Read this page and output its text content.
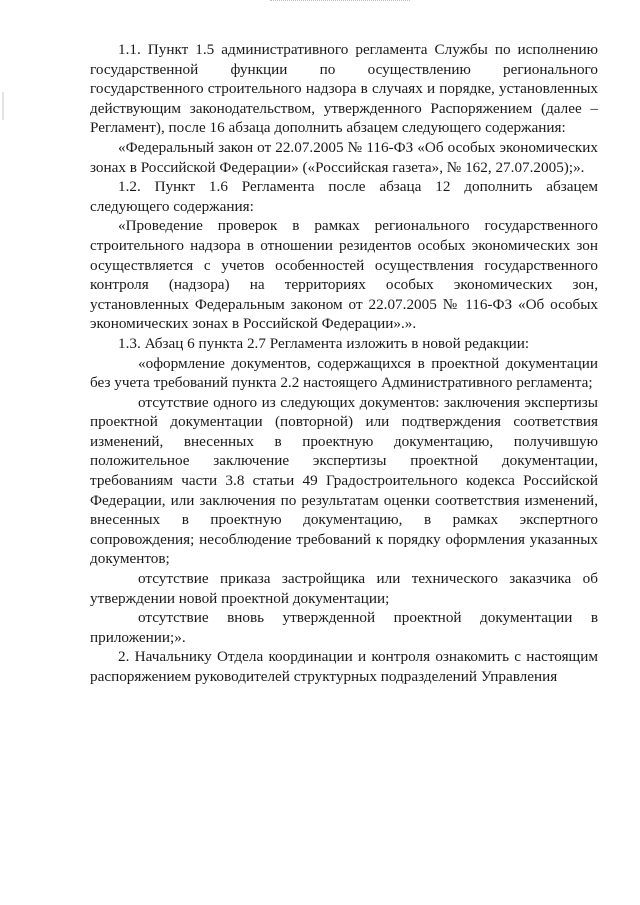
1.1. Пункт 1.5 административного регламента Службы по исполнению государственной функции по осуществлению регионального государственного строительного надзора в случаях и порядке, установленных действующим законодательством, утвержденного Распоряжением (далее – Регламент), после 16 абзаца дополнить абзацем следующего содержания:

«Федеральный закон от 22.07.2005 № 116-ФЗ «Об особых экономических зонах в Российской Федерации» («Российская газета», № 162, 27.07.2005);».

1.2. Пункт 1.6 Регламента после абзаца 12 дополнить абзацем следующего содержания:

«Проведение проверок в рамках регионального государственного строительного надзора в отношении резидентов особых экономических зон осуществляется с учетов особенностей осуществления государственного контроля (надзора) на территориях особых экономических зон, установленных Федеральным законом от 22.07.2005 № 116-ФЗ «Об особых экономических зонах в Российской Федерации».».

1.3. Абзац 6 пункта 2.7 Регламента изложить в новой редакции:

«оформление документов, содержащихся в проектной документации без учета требований пункта 2.2 настоящего Административного регламента;

отсутствие одного из следующих документов: заключения экспертизы проектной документации (повторной) или подтверждения соответствия изменений, внесенных в проектную документацию, получившую положительное заключение экспертизы проектной документации, требованиям части 3.8 статьи 49 Градостроительного кодекса Российской Федерации, или заключения по результатам оценки соответствия изменений, внесенных в проектную документацию, в рамках экспертного сопровождения; несоблюдение требований к порядку оформления указанных документов;

отсутствие приказа застройщика или технического заказчика об утверждении новой проектной документации;

отсутствие вновь утвержденной проектной документации в приложении;».

2. Начальнику Отдела координации и контроля ознакомить с настоящим распоряжением руководителей структурных подразделений Управления
